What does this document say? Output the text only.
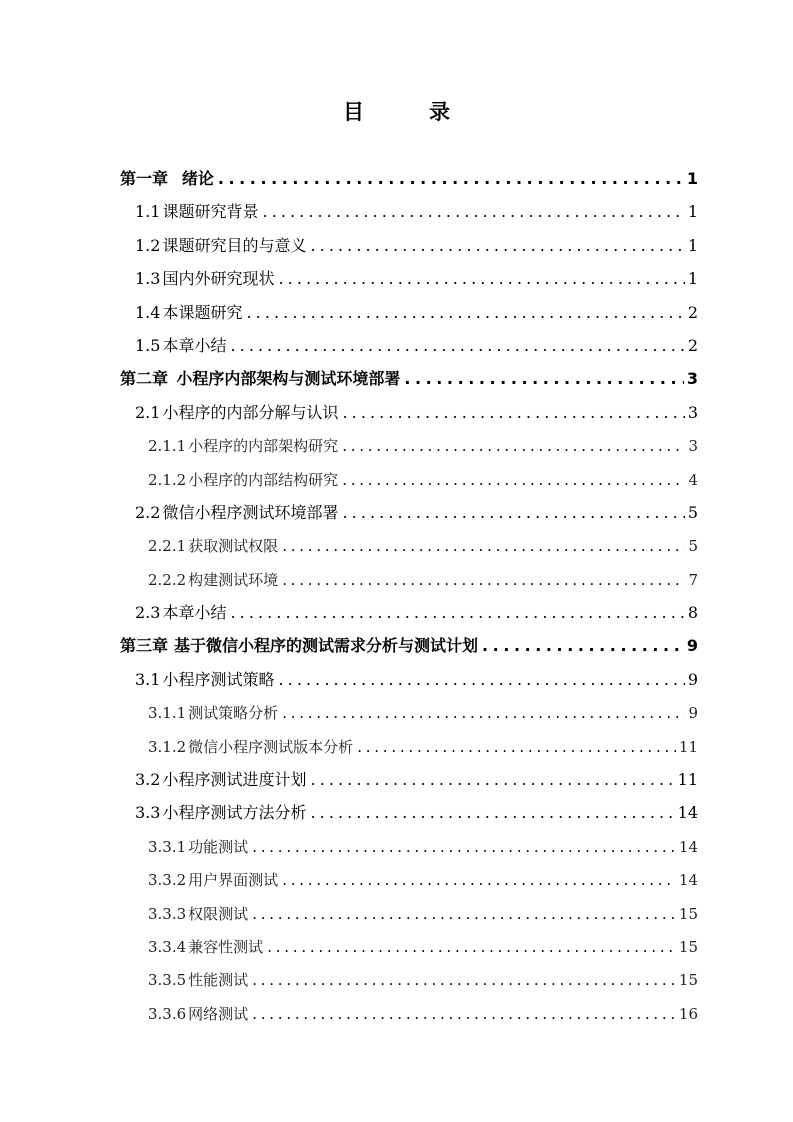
目　录
第一章 绪论 . . .	1
1.1 课题研究背景 . . .	1
1.2 课题研究目的与意义 . . .	1
1.3 国内外研究现状 . . .	1
1.4 本课题研究 . . .	2
1.5 本章小结 . . .	2
第二章 小程序内部架构与测试环境部署 . . .	3
2.1 小程序的内部分解与认识 . . .	3
2.1.1 小程序的内部架构研究 . . .	3
2.1.2 小程序的内部结构研究 . . .	4
2.2 微信小程序测试环境部署 . . .	5
2.2.1 获取测试权限 . . .	5
2.2.2 构建测试环境 . . .	7
2.3 本章小结 . . .	8
第三章 基于微信小程序的测试需求分析与测试计划 . . .	9
3.1 小程序测试策略 . . .	9
3.1.1 测试策略分析 . . .	9
3.1.2 微信小程序测试版本分析 . . .	11
3.2 小程序测试进度计划 . . .	11
3.3 小程序测试方法分析 . . .	14
3.3.1 功能测试 . . .	14
3.3.2 用户界面测试 . . .	14
3.3.3 权限测试 . . .	15
3.3.4 兼容性测试 . . .	15
3.3.5 性能测试 . . .	15
3.3.6 网络测试 . . .	16
